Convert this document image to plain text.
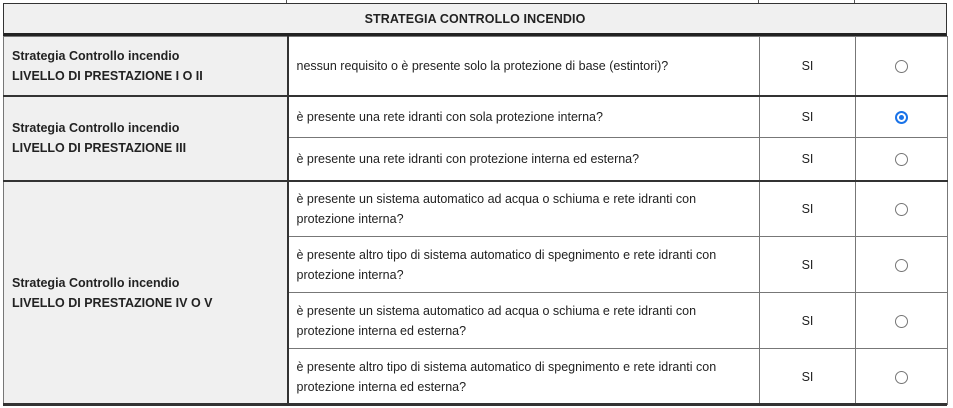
STRATEGIA CONTROLLO INCENDIO
Strategia Controllo incendio
LIVELLO DI PRESTAZIONE I O II	nessun requisito o è presente solo la protezione di base (estintori)?	SI	

Strategia Controllo incendio
LIVELLO DI PRESTAZIONE III	è presente una rete idranti con sola protezione interna?	SI	
	è presente una rete idranti con protezione interna ed esterna?	SI	

Strategia Controllo incendio
LIVELLO DI PRESTAZIONE IV O V	è presente un sistema automatico ad acqua o schiuma e rete idranti con protezione interna?	SI	
	è presente altro tipo di sistema automatico di spegnimento e rete idranti con protezione interna?	SI	
	è presente un sistema automatico ad acqua o schiuma e rete idranti con protezione interna ed esterna?	SI	
	è presente altro tipo di sistema automatico di spegnimento e rete idranti con protezione interna ed esterna?	SI	
